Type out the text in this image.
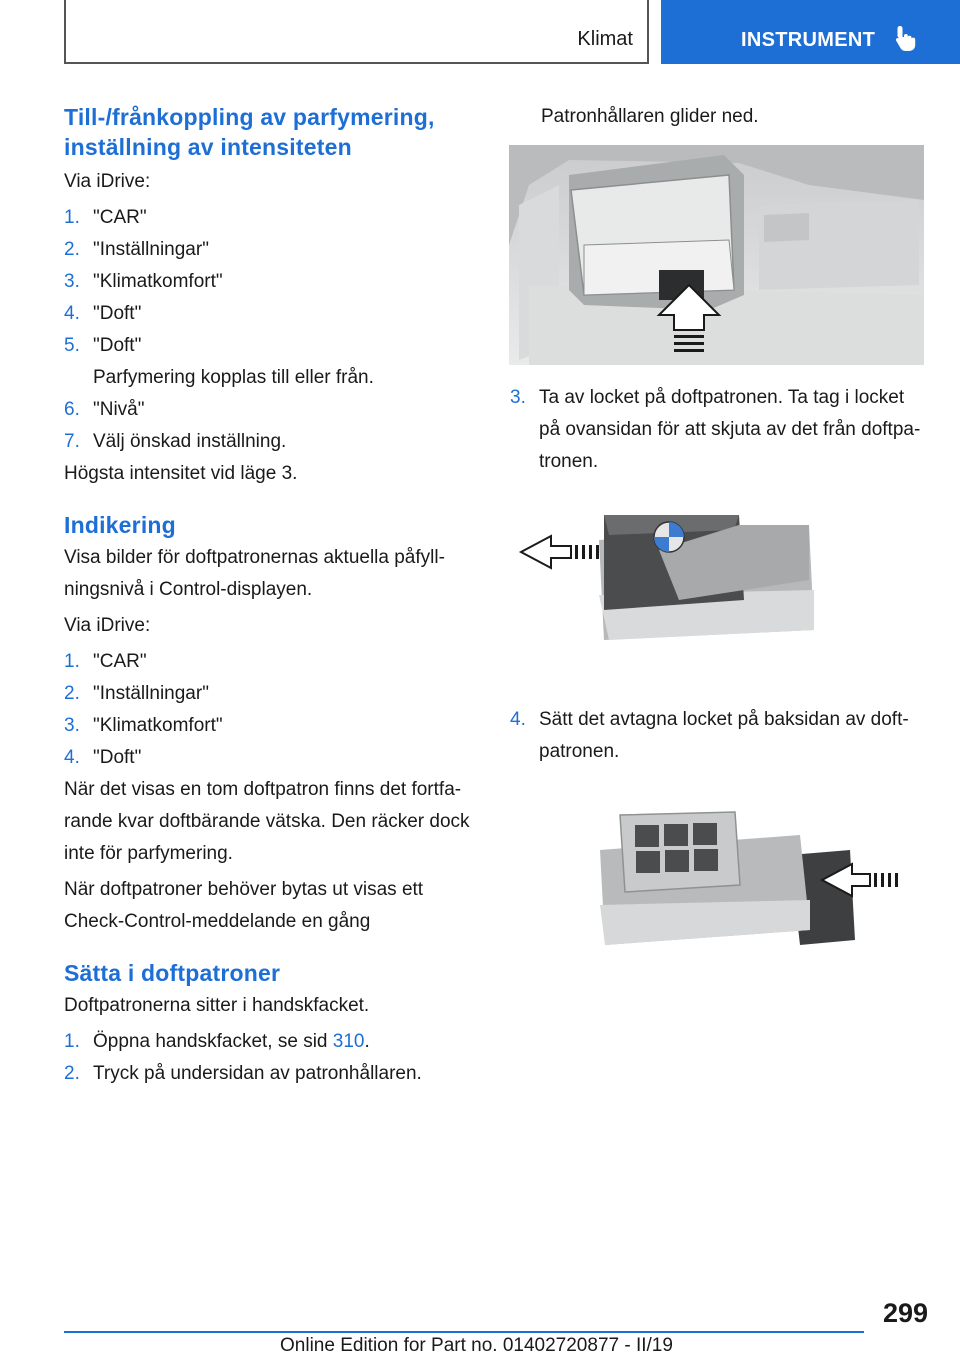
Klimat	INSTRUMENT
Till-/frånkoppling av parfymering, inställning av intensiteten

Via iDrive:

1. "CAR"
2. "Inställningar"
3. "Klimatkomfort"
4. "Doft"
5. "Doft"
Parfymering kopplas till eller från.
6. "Nivå"
7. Välj önskad inställning.

Högsta intensitet vid läge 3.

Indikering

Visa bilder för doftpatronernas aktuella påfyll-ningsnivå i Control-displayen.

Via iDrive:

1. "CAR"
2. "Inställningar"
3. "Klimatkomfort"
4. "Doft"

När det visas en tom doftpatron finns det fortfa-rande kvar doftbärande vätska. Den räcker dock inte för parfymering.

När doftpatroner behöver bytas ut visas ett Check-Control-meddelande en gång

Sätta i doftpatroner

Doftpatronerna sitter i handskfacket.

1. Öppna handskfacket, se sid 310.
2. Tryck på undersidan av patronhållaren.
Patronhållaren glider ned.
3. Ta av locket på doftpatronen. Ta tag i locket på ovansidan för att skjuta av det från doftpa-tronen.
4. Sätt det avtagna locket på baksidan av doft-patronen.
299
Online Edition for Part no. 01402720877 - II/19
